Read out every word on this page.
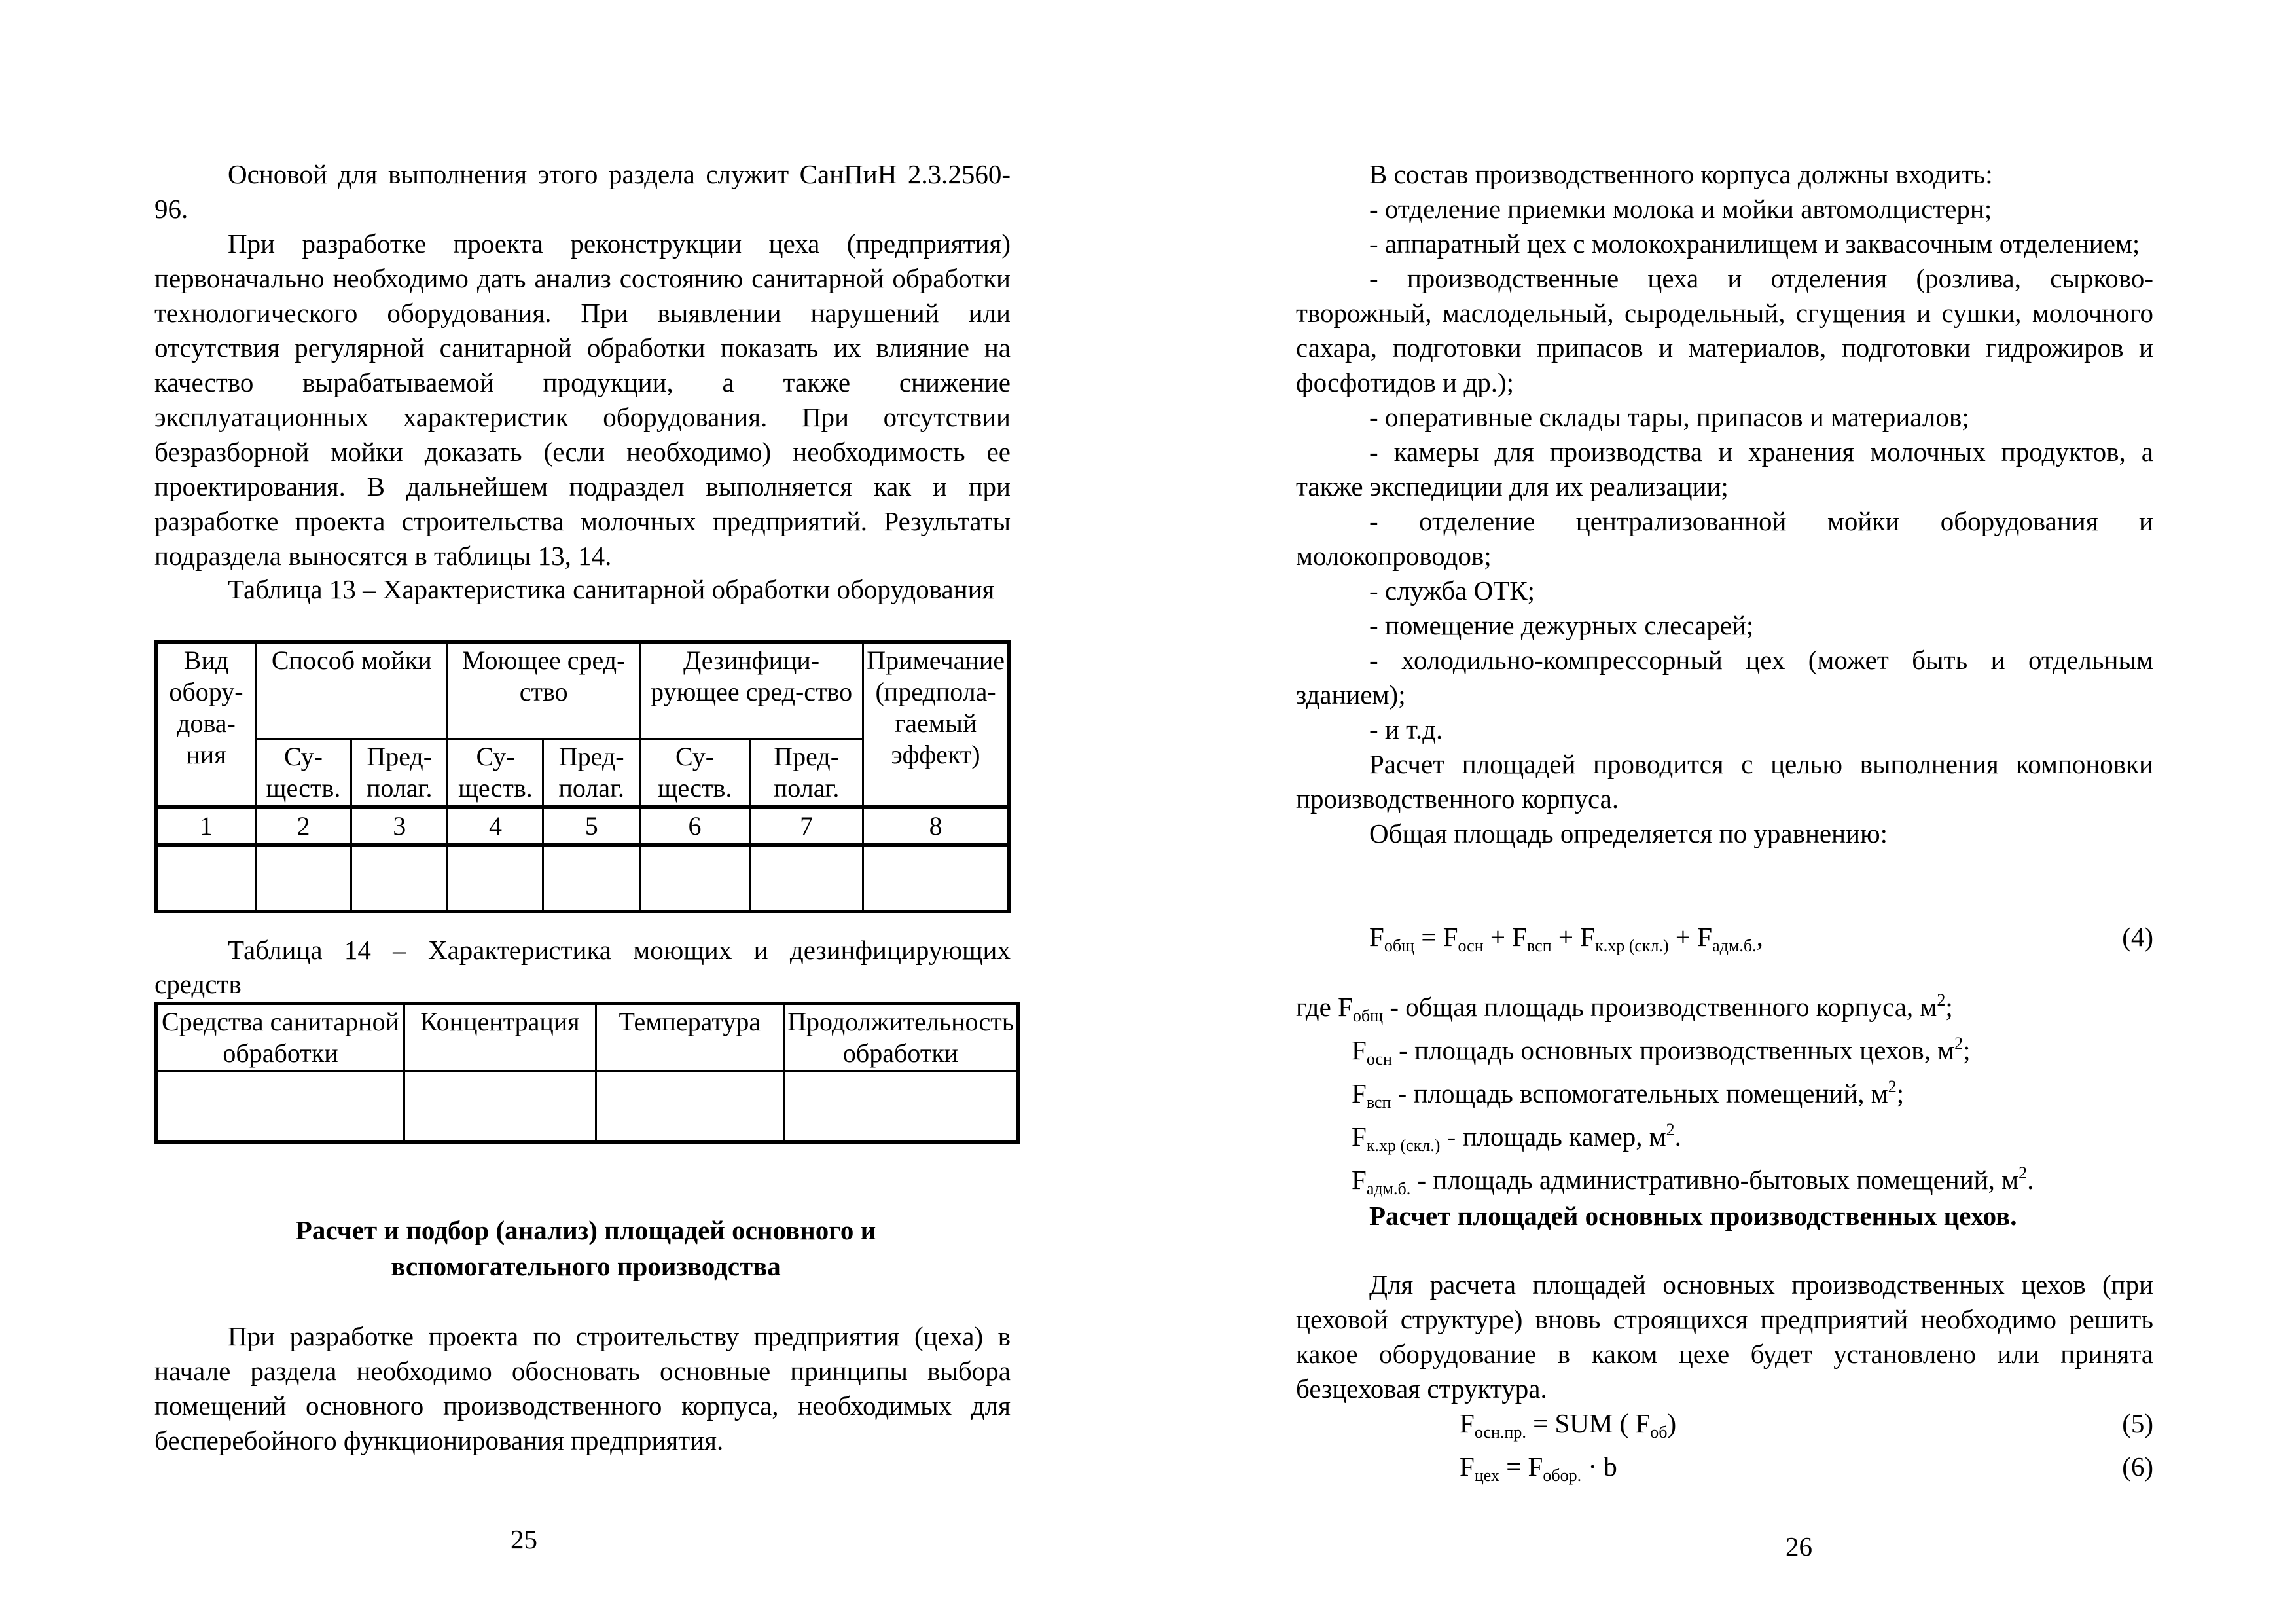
Основой для выполнения этого раздела служит СанПиН 2.3.2560-96.

При разработке проекта реконструкции цеха (предприятия) первоначально необходимо дать анализ состоянию санитарной обработки технологического оборудования. При выявлении нарушений или отсутствия регулярной санитарной обработки показать их влияние на качество вырабатываемой продукции, а также снижение эксплуатационных характеристик оборудования. При отсутствии безразборной мойки доказать (если необходимо) необходимость ее проектирования. В дальнейшем подраздел выполняется как и при разработке проекта строительства молочных предприятий. Результаты подраздела выносятся в таблицы 13, 14.

Таблица 13 – Характеристика санитарной обработки оборудования

Вид обору-дова-ния	Способ мойки		Моющее сред-ство		Дезинфици-рующее сред-ство		Примечание (предпола-гаемый эффект)
	Су-ществ.	Пред-полаг.	Су-ществ.	Пред-полаг.	Су-ществ.	Пред-полаг.	
1	2	3	4	5	6	7	8

Таблица 14 – Характеристика моющих и дезинфицирующих средств

Средства санитарной обработки	Концентрация	Температура	Продолжительность обработки

Расчет и подбор (анализ) площадей основного и вспомогательного производства

При разработке проекта по строительству предприятия (цеха) в начале раздела необходимо обосновать основные принципы выбора помещений основного производственного корпуса, необходимых для бесперебойного функционирования предприятия.

25

В состав производственного корпуса должны входить:

- отделение приемки молока и мойки автомолцистерн;

- аппаратный цех с молокохранилищем и заквасочным отделением;

- производственные цеха и отделения (розлива, сырково-творожный, маслодельный, сыродельный, сгущения и сушки, молочного сахара, подготовки припасов и материалов, подготовки гидрожиров и фосфотидов и др.);

- оперативные склады тары, припасов и материалов;

- камеры для производства и хранения молочных продуктов, а также экспедиции для их реализации;

- отделение централизованной мойки оборудования и молокопроводов;

- служба ОТК;

- помещение дежурных слесарей;

- холодильно-компрессорный цех (может быть и отдельным зданием);

- и т.д.

Расчет площадей проводится с целью выполнения компоновки производственного корпуса.

Общая площадь определяется по уравнению:

$F_{общ} = F_{осн} + F_{всп} + F_{к.хр (скл.)} + F_{адм.б.}$,	(4)
где $F_{общ}$ - общая площадь производственного корпуса, $м^2$;
$F_{осн}$ - площадь основных производственных цехов, $м^2$;
$F_{всп}$ - площадь вспомогательных помещений, $м^2$;
$F_{к.хр (скл.)}$ - площадь камер, $м^2$.
$F_{адм.б.}$ - площадь административно-бытовых помещений, $м^2$.
Расчет площадей основных производственных цехов.

Для расчета площадей основных производственных цехов (при цеховой структуре) вновь строящихся предприятий необходимо решить какое оборудование в каком цехе будет установлено или принята безцеховая структура.

$F_{осн.пр.}$ = SUM ( $F_{об}$)	(5)
$F_{цех} = F_{обор.} \cdot b$	(6)
26
